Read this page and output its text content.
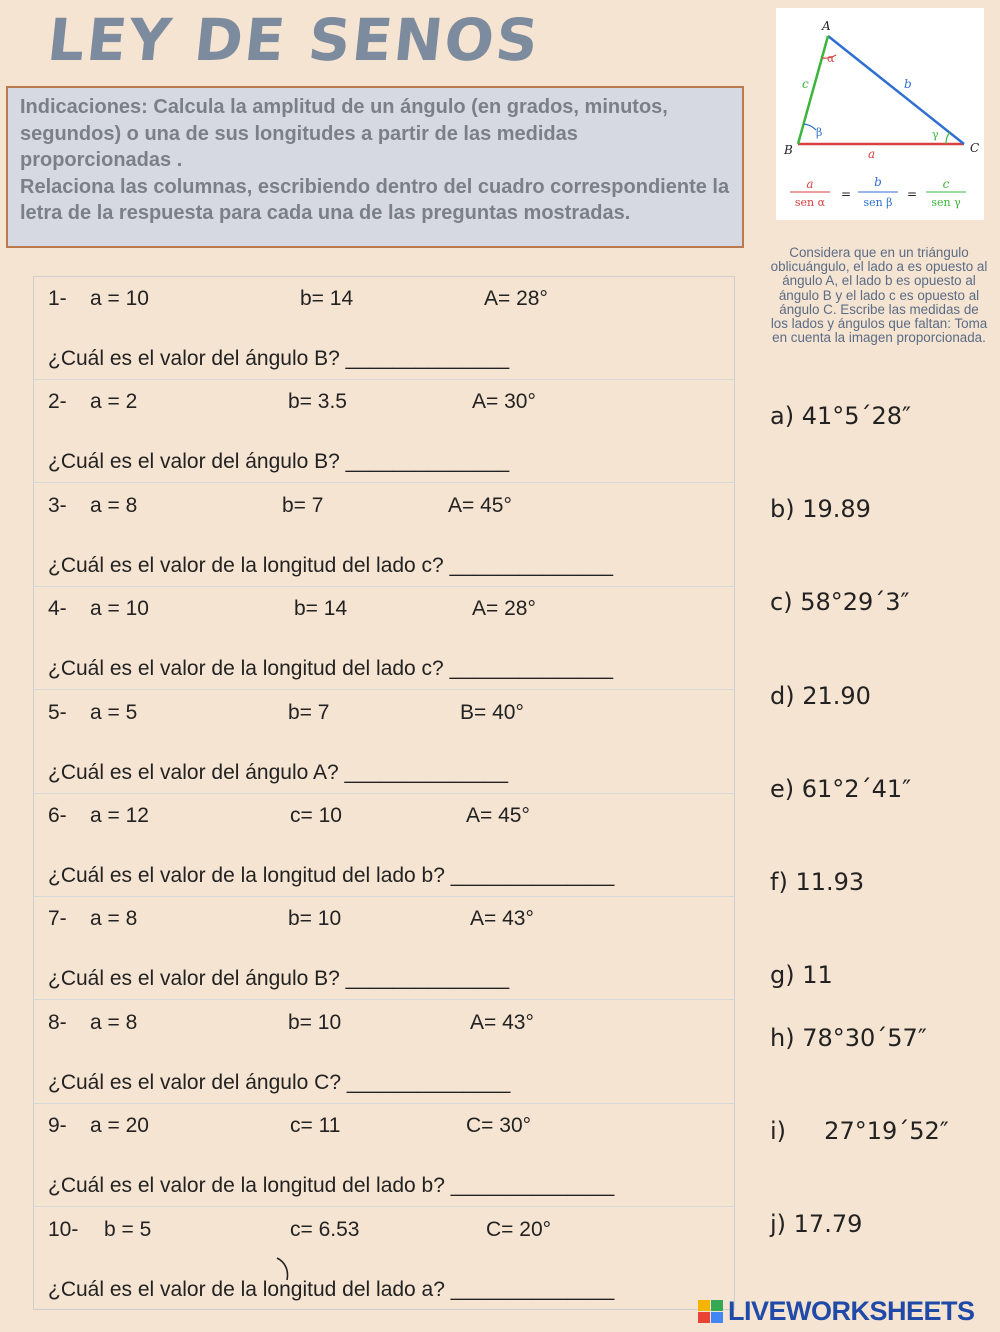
LEY DE SENOS

Indicaciones: Calcula la amplitud de un ángulo (en grados, minutos, segundos) o una de sus longitudes a partir de las medidas proporcionadas .

Relaciona las columnas, escribiendo dentro del cuadro correspondiente la letra de la respuesta para cada una de las preguntas mostradas.

A
B	C
a
b
c
α
β	γ
a
sen α
=
b
sen β
=
c
sen γ
Considera que en un triángulo oblicuángulo, el lado a es opuesto al ángulo A, el lado b es opuesto al ángulo B y el lado c es opuesto al ángulo C. Escribe las medidas de los lados y ángulos que faltan: Toma en cuenta la imagen proporcionada.
1- a = 10	b= 14	A= 28°
¿Cuál es el valor del ángulo B? ______________
2- a = 2	b= 3.5	A= 30°
¿Cuál es el valor del ángulo B? ______________
3- a = 8	b= 7	A= 45°
¿Cuál es el valor de la longitud del lado c? ______________
4- a = 10	b= 14	A= 28°
¿Cuál es el valor de la longitud del lado c? ______________
5- a = 5	b= 7	B= 40°
¿Cuál es el valor del ángulo A? ______________
6- a = 12	c= 10	A= 45°
¿Cuál es el valor de la longitud del lado b? ______________
7- a = 8	b= 10	A= 43°
¿Cuál es el valor del ángulo B? ______________
8- a = 8	b= 10	A= 43°
¿Cuál es el valor del ángulo C? ______________
9- a = 20	c= 11	C= 30°
¿Cuál es el valor de la longitud del lado b? ______________
10- b = 5	c= 6.53	C= 20°
¿Cuál es el valor de la longitud del lado a? ______________
a) 41°5´28″
b) 19.89
c) 58°29´3″
d) 21.90
e) 61°2´41″
f) 11.93
g) 11
h) 78°30´57″
i)     27°19´52″
j) 17.79
LIVEWORKSHEETS
